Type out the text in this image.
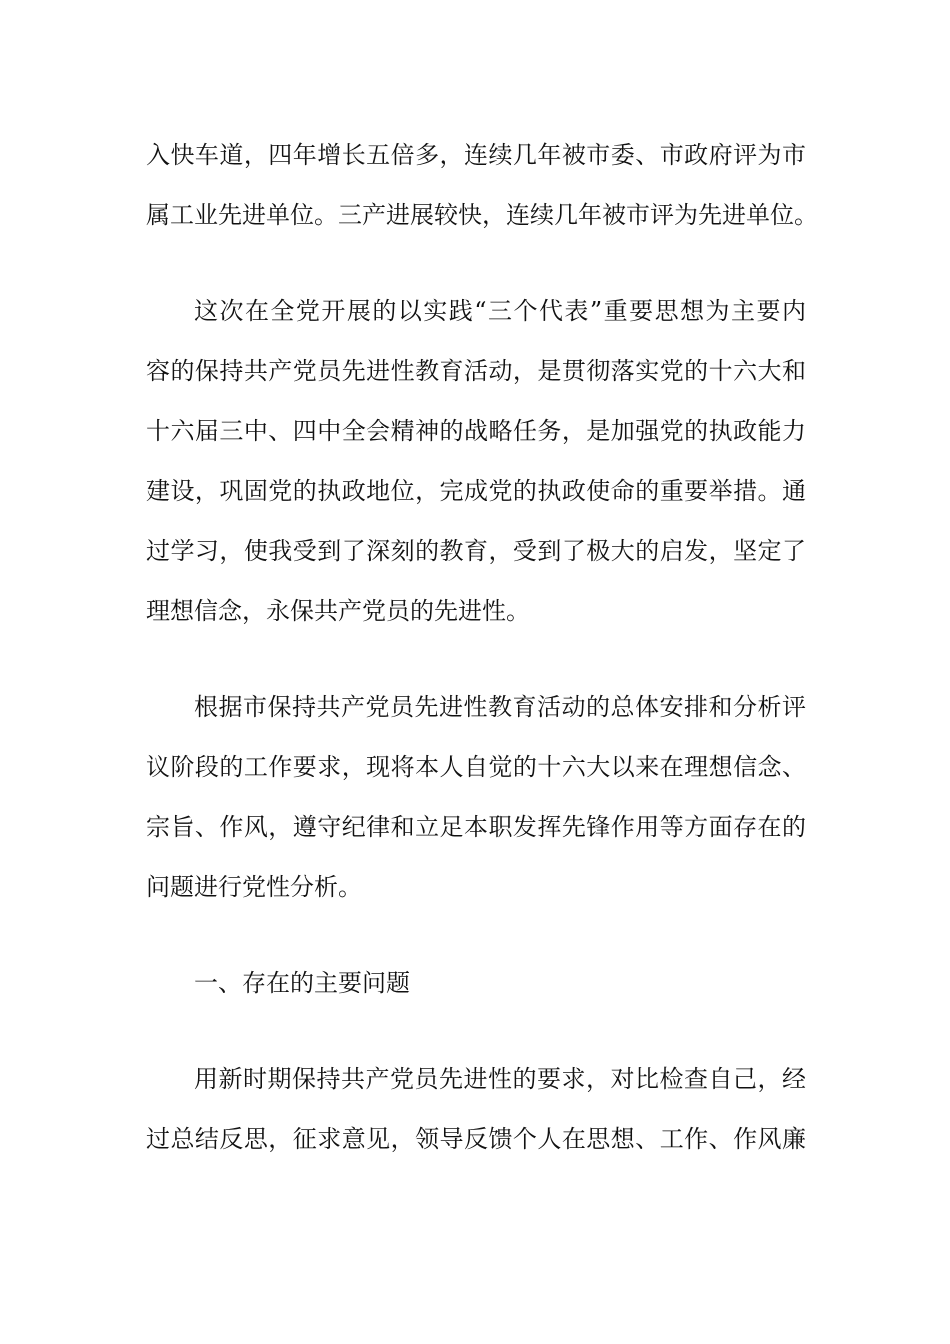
入快车道，四年增长五倍多，连续几年被市委、市政府评为市
属工业先进单位。三产进展较快，连续几年被市评为先进单位。
这次在全党开展的以实践“三个代表”重要思想为主要内
容的保持共产党员先进性教育活动，是贯彻落实党的十六大和
十六届三中、四中全会精神的战略任务，是加强党的执政能力
建设，巩固党的执政地位，完成党的执政使命的重要举措。通
过学习，使我受到了深刻的教育，受到了极大的启发，坚定了
理想信念，永保共产党员的先进性。
根据市保持共产党员先进性教育活动的总体安排和分析评
议阶段的工作要求，现将本人自觉的十六大以来在理想信念、
宗旨、作风，遵守纪律和立足本职发挥先锋作用等方面存在的
问题进行党性分析。
一、存在的主要问题
用新时期保持共产党员先进性的要求，对比检查自己，经
过总结反思，征求意见，领导反馈个人在思想、工作、作风廉
